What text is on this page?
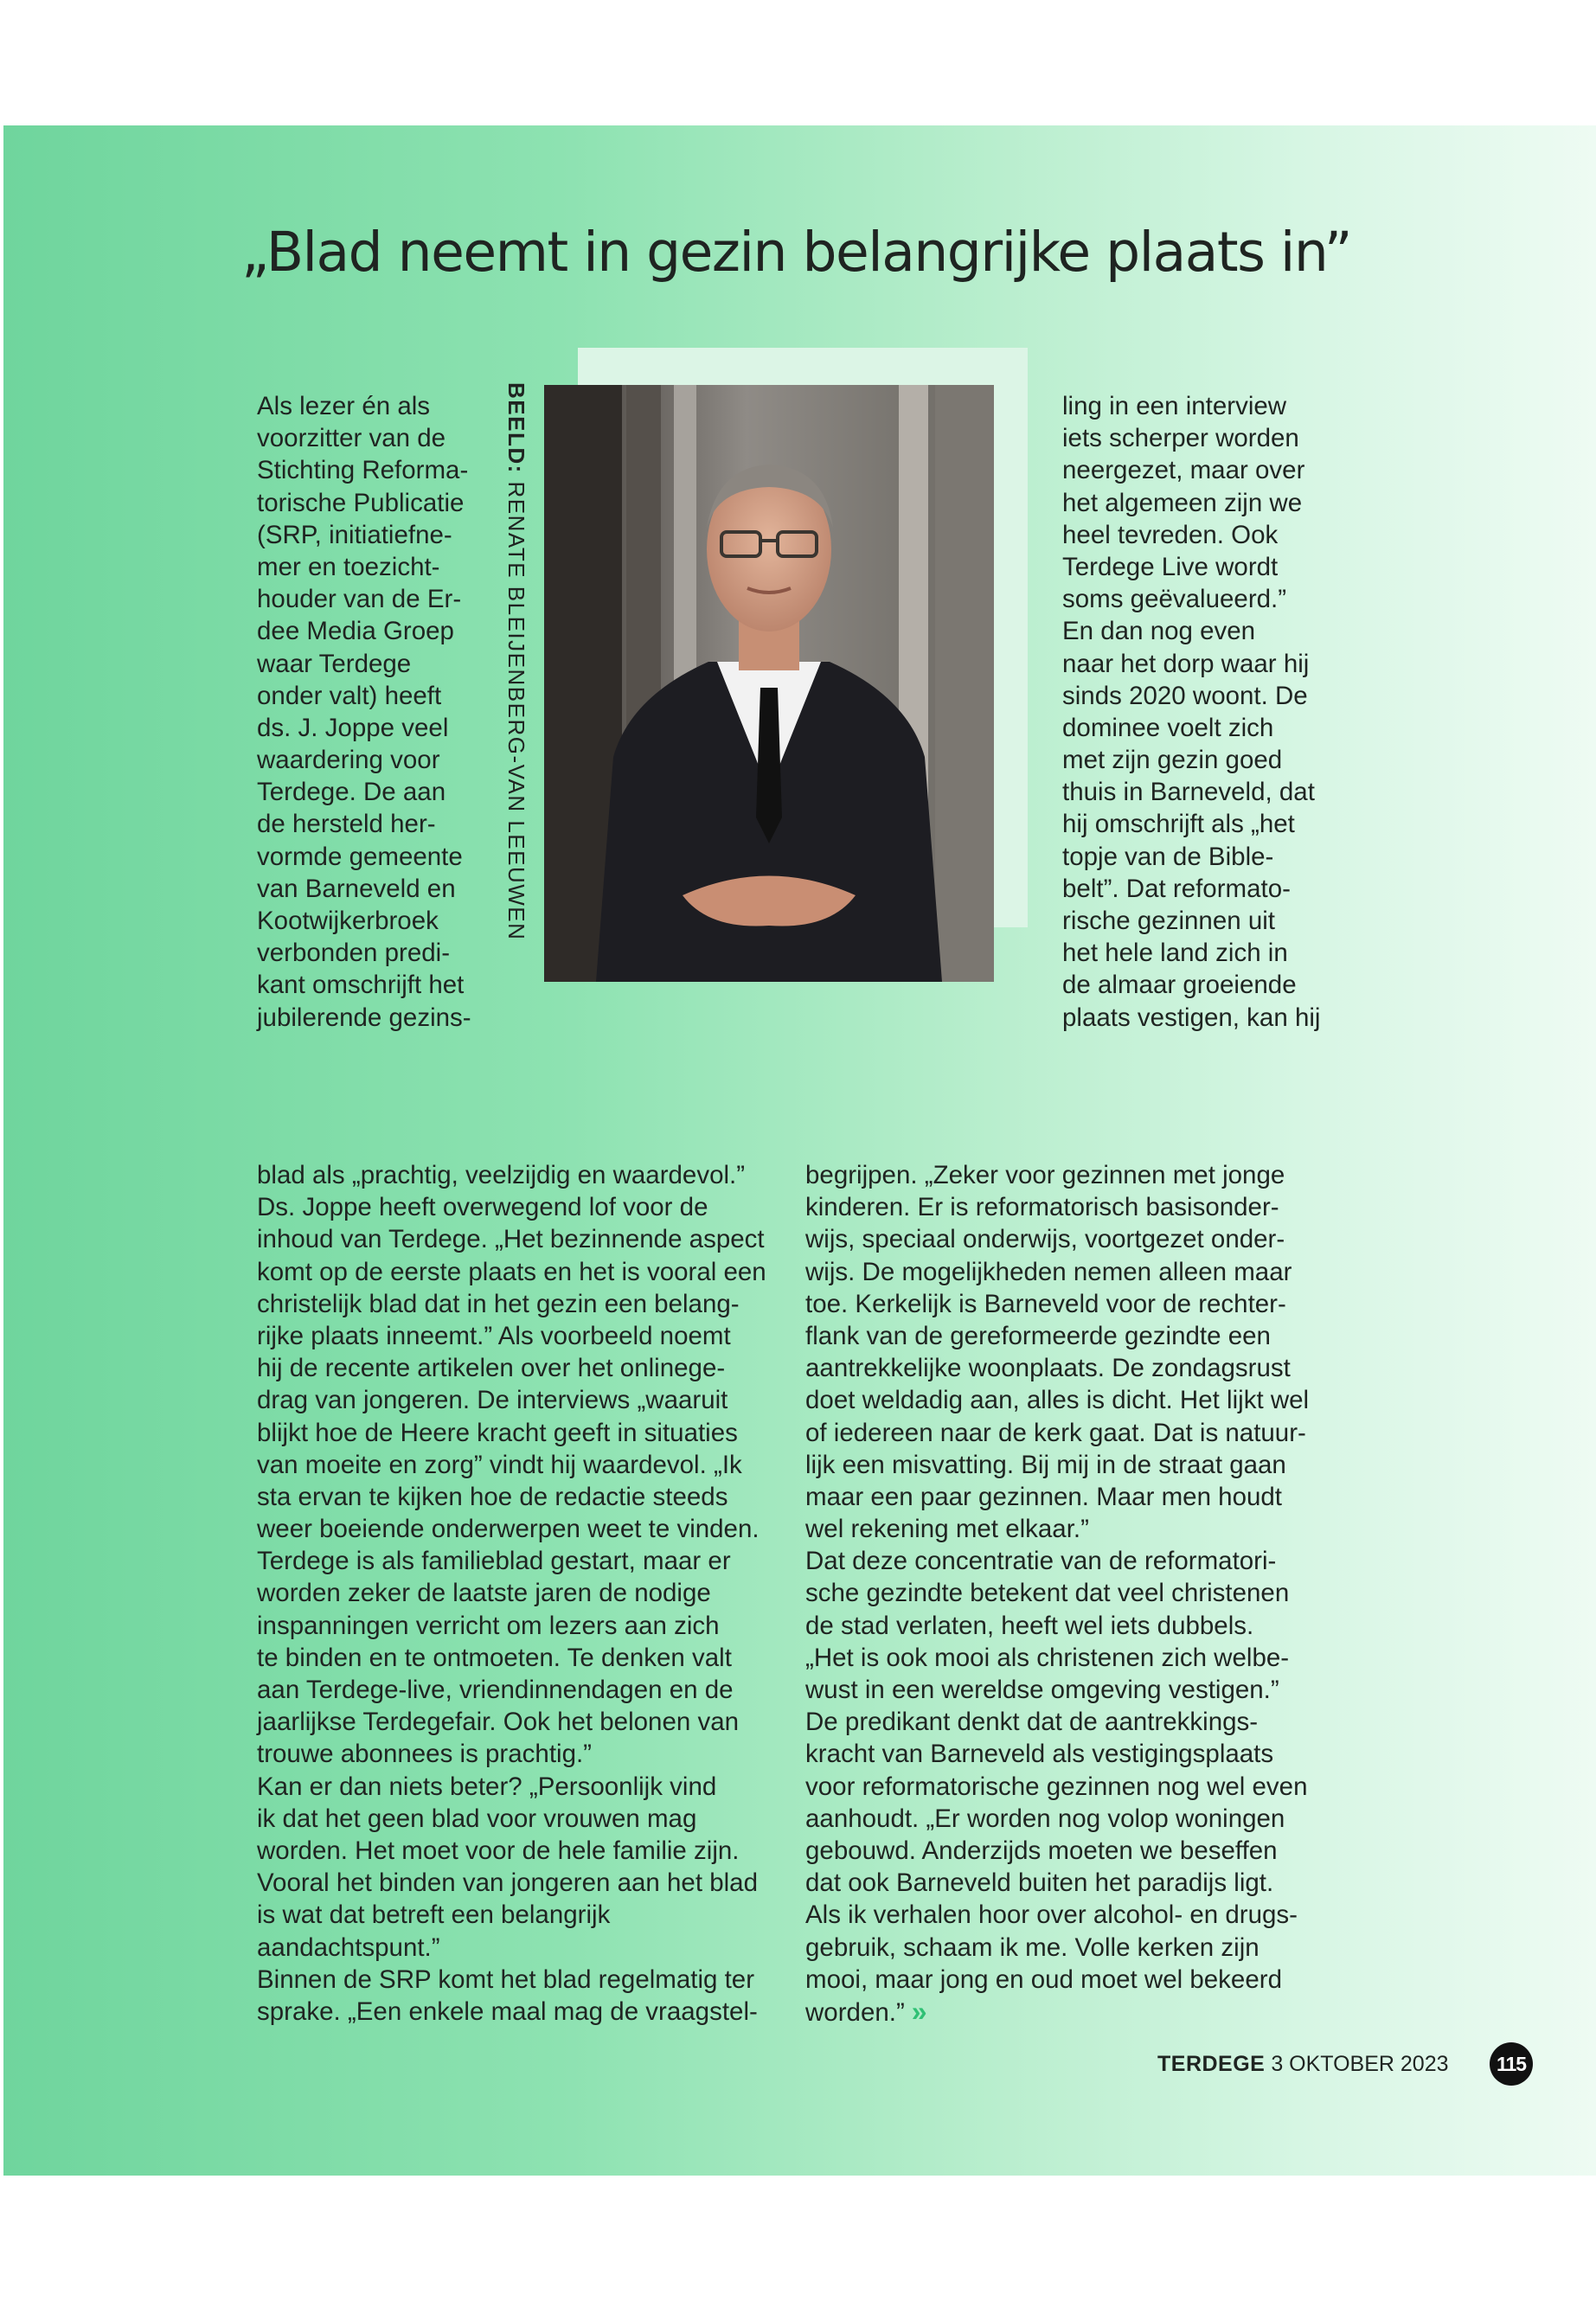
„Blad neemt in gezin belangrijke plaats in”
BEELD: RENATE BLEIJENBERG-VAN LEEUWEN
Als lezer én als
voorzitter van de
Stichting Reforma-
torische Publicatie
(SRP, initiatiefne-
mer en toezicht-
houder van de Er-
dee Media Groep
waar Terdege
onder valt) heeft
ds. J. Joppe veel
waardering voor
Terdege. De aan
de hersteld her-
vormde gemeente
van Barneveld en
Kootwijkerbroek
verbonden predi-
kant omschrijft het
jubilerende gezins-
blad als „prachtig, veelzijdig en waardevol.”
Ds. Joppe heeft overwegend lof voor de
inhoud van Terdege. „Het bezinnende aspect
komt op de eerste plaats en het is vooral een
christelijk blad dat in het gezin een belang-
rijke plaats inneemt.” Als voorbeeld noemt
hij de recente artikelen over het onlinege-
drag van jongeren. De interviews „waaruit
blijkt hoe de Heere kracht geeft in situaties
van moeite en zorg” vindt hij waardevol. „Ik
sta ervan te kijken hoe de redactie steeds
weer boeiende onderwerpen weet te vinden.
Terdege is als familieblad gestart, maar er
worden zeker de laatste jaren de nodige
inspanningen verricht om lezers aan zich
te binden en te ontmoeten. Te denken valt
aan Terdege-live, vriendinnendagen en de
jaarlijkse Terdegefair. Ook het belonen van
trouwe abonnees is prachtig.”
Kan er dan niets beter? „Persoonlijk vind
ik dat het geen blad voor vrouwen mag
worden. Het moet voor de hele familie zijn.
Vooral het binden van jongeren aan het blad
is wat dat betreft een belangrijk
aandachtspunt.”
Binnen de SRP komt het blad regelmatig ter
sprake. „Een enkele maal mag de vraagstel-
ling in een interview
iets scherper worden
neergezet, maar over
het algemeen zijn we
heel tevreden. Ook
Terdege Live wordt
soms geëvalueerd.”
En dan nog even
naar het dorp waar hij
sinds 2020 woont. De
dominee voelt zich
met zijn gezin goed
thuis in Barneveld, dat
hij omschrijft als „het
topje van de Bible-
belt”. Dat reformato-
rische gezinnen uit
het hele land zich in
de almaar groeiende
plaats vestigen, kan hij
begrijpen. „Zeker voor gezinnen met jonge
kinderen. Er is reformatorisch basisonder-
wijs, speciaal onderwijs, voortgezet onder-
wijs. De mogelijkheden nemen alleen maar
toe. Kerkelijk is Barneveld voor de rechter-
flank van de gereformeerde gezindte een
aantrekkelijke woonplaats. De zondagsrust
doet weldadig aan, alles is dicht. Het lijkt wel
of iedereen naar de kerk gaat. Dat is natuur-
lijk een misvatting. Bij mij in de straat gaan
maar een paar gezinnen. Maar men houdt
wel rekening met elkaar.”
Dat deze concentratie van de reformatori-
sche gezindte betekent dat veel christenen
de stad verlaten, heeft wel iets dubbels.
„Het is ook mooi als christenen zich welbe-
wust in een wereldse omgeving vestigen.”
De predikant denkt dat de aantrekkings-
kracht van Barneveld als vestigingsplaats
voor reformatorische gezinnen nog wel even
aanhoudt. „Er worden nog volop woningen
gebouwd. Anderzijds moeten we beseffen
dat ook Barneveld buiten het paradijs ligt.
Als ik verhalen hoor over alcohol- en drugs-
gebruik, schaam ik me. Volle kerken zijn
mooi, maar jong en oud moet wel bekeerd
worden.” »
TERDEGE 3 OKTOBER 2023	115
